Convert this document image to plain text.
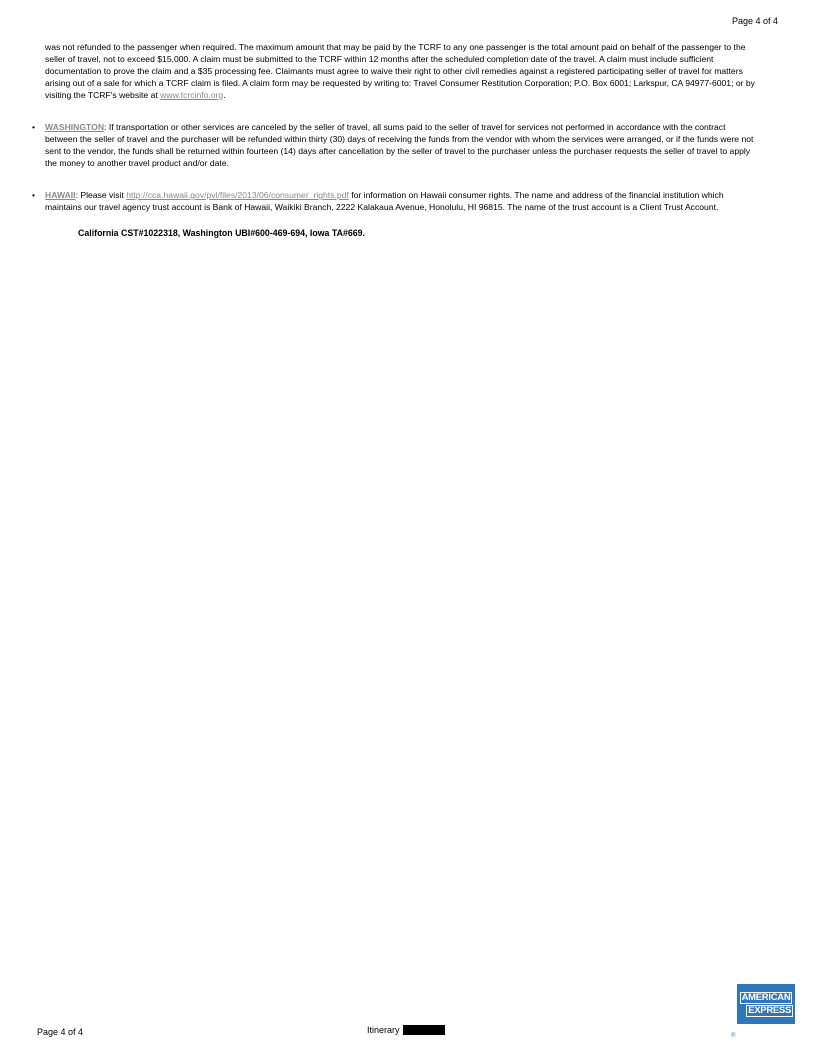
Page 4 of 4

was not refunded to the passenger when required. The maximum amount that may be paid by the TCRF to any one passenger is the total amount paid on behalf of the passenger to the seller of travel, not to exceed $15,000. A claim must be submitted to the TCRF within 12 months after the scheduled completion date of the travel. A claim must include sufficient documentation to prove the claim and a $35 processing fee. Claimants must agree to waive their right to other civil remedies against a registered participating seller of travel for matters arising out of a sale for which a TCRF claim is filed. A claim form may be requested by writing to: Travel Consumer Restitution Corporation; P.O. Box 6001; Larkspur, CA 94977-6001; or by visiting the TCRF's website at www.tcrcinfo.org.

• WASHINGTON: If transportation or other services are canceled by the seller of travel, all sums paid to the seller of travel for services not performed in accordance with the contract between the seller of travel and the purchaser will be refunded within thirty (30) days of receiving the funds from the vendor with whom the services were arranged, or if the funds were not sent to the vendor, the funds shall be returned within fourteen (14) days after cancellation by the seller of travel to the purchaser unless the purchaser requests the seller of travel to apply the money to another travel product and/or date.
• HAWAII: Please visit http://cca.hawaii.gov/pvl/files/2013/06/consumer_rights.pdf for information on Hawaii consumer rights. The name and address of the financial institution which maintains our travel agency trust account is Bank of Hawaii, Waikiki Branch, 2222 Kalakaua Avenue, Honolulu, HI 96815. The name of the trust account is a Client Trust Account.
California CST#1022318, Washington UBI#600-469-694, Iowa TA#669.
Page 4 of 4	Itinerary
AMERICAN
EXPRESS
®
